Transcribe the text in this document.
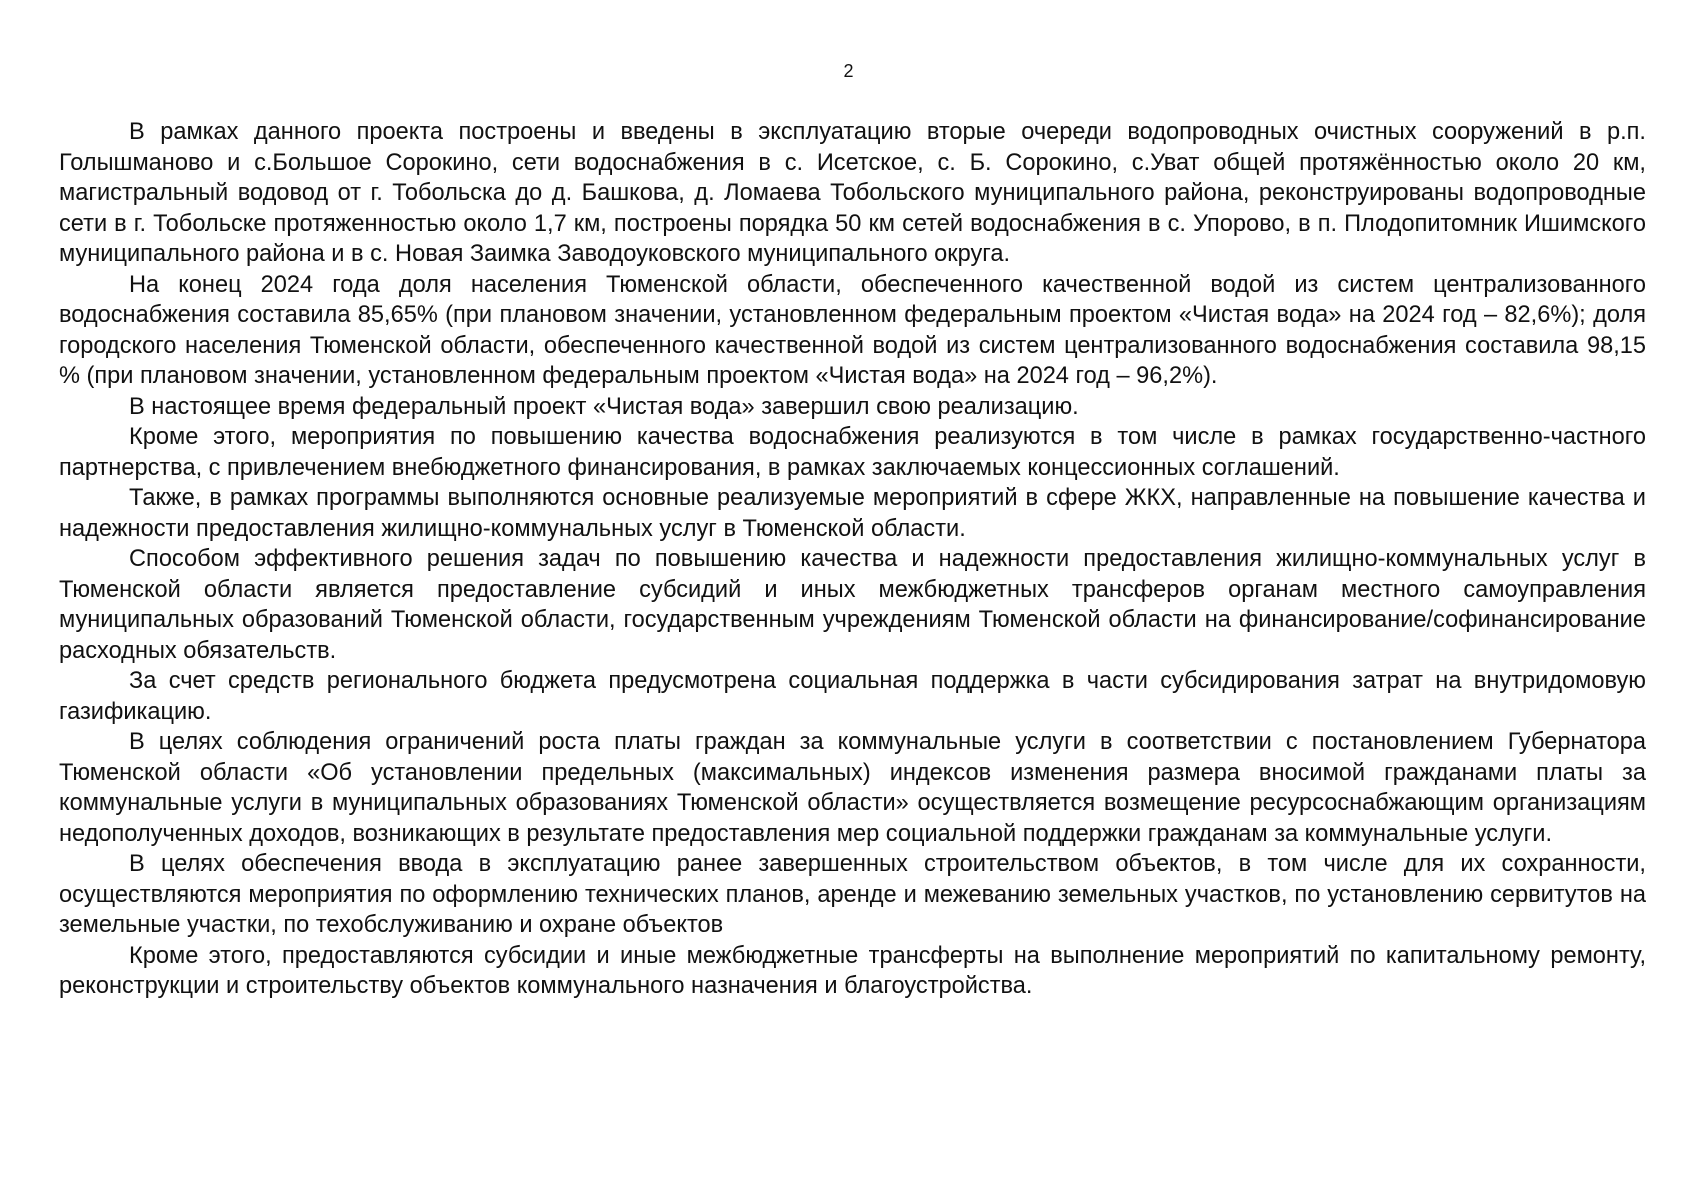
2

В рамках данного проекта построены и введены в эксплуатацию вторые очереди водопроводных очистных сооружений в р.п. Голышманово и с.Большое Сорокино, сети водоснабжения в с. Исетское, с. Б. Сорокино, с.Уват общей протяжённостью около 20 км, магистральный водовод от г. Тобольска до д. Башкова, д. Ломаева Тобольского муниципального района, реконструированы водопроводные сети в г. Тобольске протяженностью около 1,7 км, построены порядка 50 км сетей водоснабжения в с. Упорово, в п. Плодопитомник Ишимского муниципального района и в с. Новая Заимка Заводоуковского муниципального округа.

На конец 2024 года доля населения Тюменской области, обеспеченного качественной водой из систем централизованного водоснабжения составила 85,65% (при плановом значении, установленном федеральным проектом «Чистая вода» на 2024 год – 82,6%); доля городского населения Тюменской области, обеспеченного качественной водой из систем централизованного водоснабжения составила 98,15 % (при плановом значении, установленном федеральным проектом «Чистая вода» на 2024 год – 96,2%).

В настоящее время федеральный проект «Чистая вода» завершил свою реализацию.

Кроме этого, мероприятия по повышению качества водоснабжения реализуются в том числе в рамках государственно-частного партнерства, с привлечением внебюджетного финансирования, в рамках заключаемых концессионных соглашений.

Также, в рамках программы выполняются основные реализуемые мероприятий в сфере ЖКХ, направленные на повышение качества и надежности предоставления жилищно-коммунальных услуг в Тюменской области.

Способом эффективного решения задач по повышению качества и надежности предоставления жилищно-коммунальных услуг в Тюменской области является предоставление субсидий и иных межбюджетных трансферов органам местного самоуправления муниципальных образований Тюменской области, государственным учреждениям Тюменской области на финансирование/софинансирование расходных обязательств.

За счет средств регионального бюджета предусмотрена социальная поддержка в части субсидирования затрат на внутридомовую газификацию.

В целях соблюдения ограничений роста платы граждан за коммунальные услуги в соответствии с постановлением Губернатора Тюменской области «Об установлении предельных (максимальных) индексов изменения размера вносимой гражданами платы за коммунальные услуги в муниципальных образованиях Тюменской области» осуществляется возмещение ресурсоснабжающим организациям недополученных доходов, возникающих в результате предоставления мер социальной поддержки гражданам за коммунальные услуги.

В целях обеспечения ввода в эксплуатацию ранее завершенных строительством объектов, в том числе для их сохранности, осуществляются мероприятия по оформлению технических планов, аренде и межеванию земельных участков, по установлению сервитутов на земельные участки, по техобслуживанию и охране объектов

Кроме этого, предоставляются субсидии и иные межбюджетные трансферты на выполнение мероприятий по капитальному ремонту, реконструкции и строительству объектов коммунального назначения и благоустройства.
